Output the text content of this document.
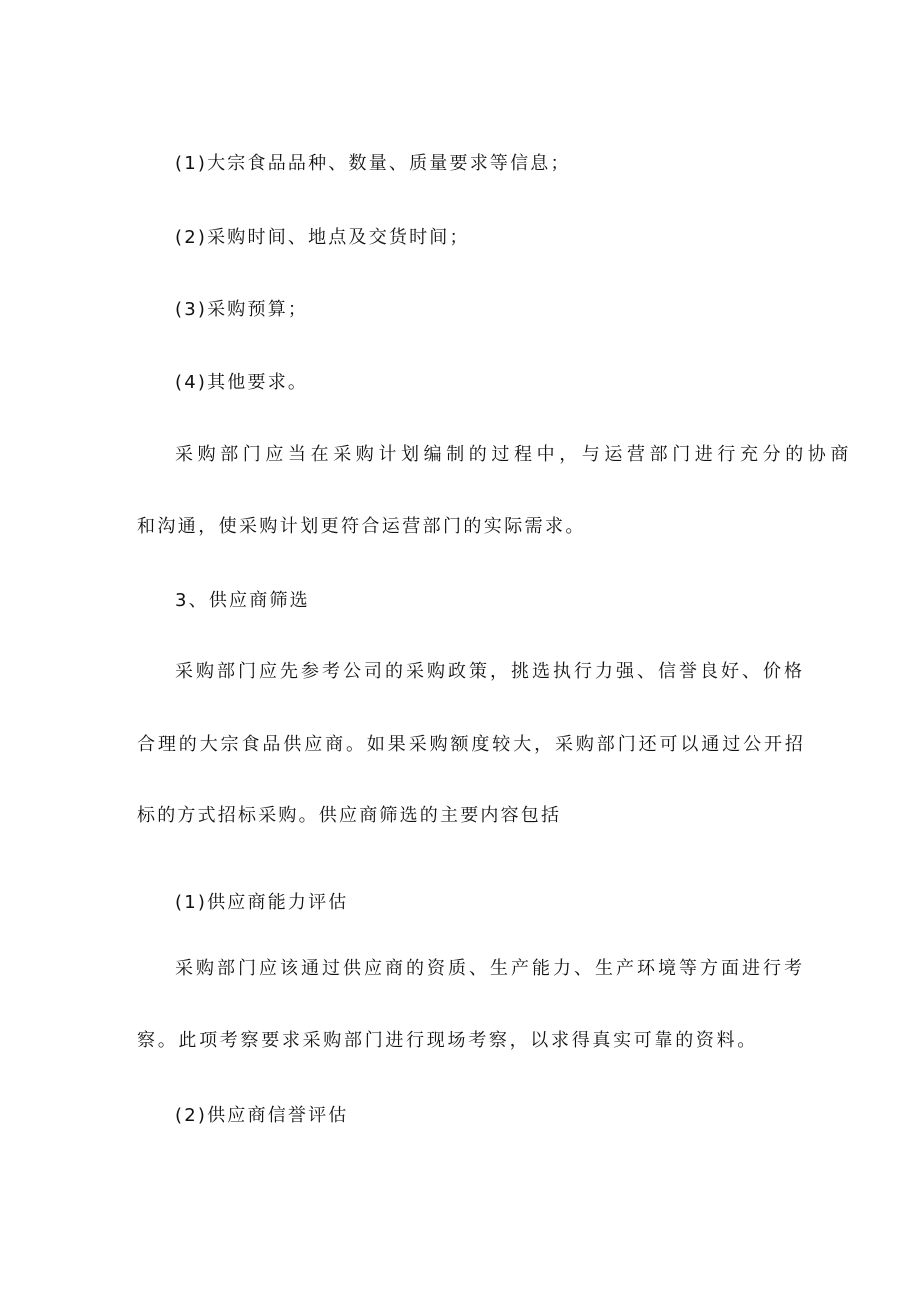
(1)大宗食品品种、数量、质量要求等信息；
(2)采购时间、地点及交货时间；
(3)采购预算；
(4)其他要求。
采购部门应当在采购计划编制的过程中，与运营部门进行充分的协商
和沟通，使采购计划更符合运营部门的实际需求。
3、供应商筛选
采购部门应先参考公司的采购政策，挑选执行力强、信誉良好、价格
合理的大宗食品供应商。如果采购额度较大，采购部门还可以通过公开招
标的方式招标采购。供应商筛选的主要内容包括
(1)供应商能力评估
采购部门应该通过供应商的资质、生产能力、生产环境等方面进行考
察。此项考察要求采购部门进行现场考察，以求得真实可靠的资料。
(2)供应商信誉评估
